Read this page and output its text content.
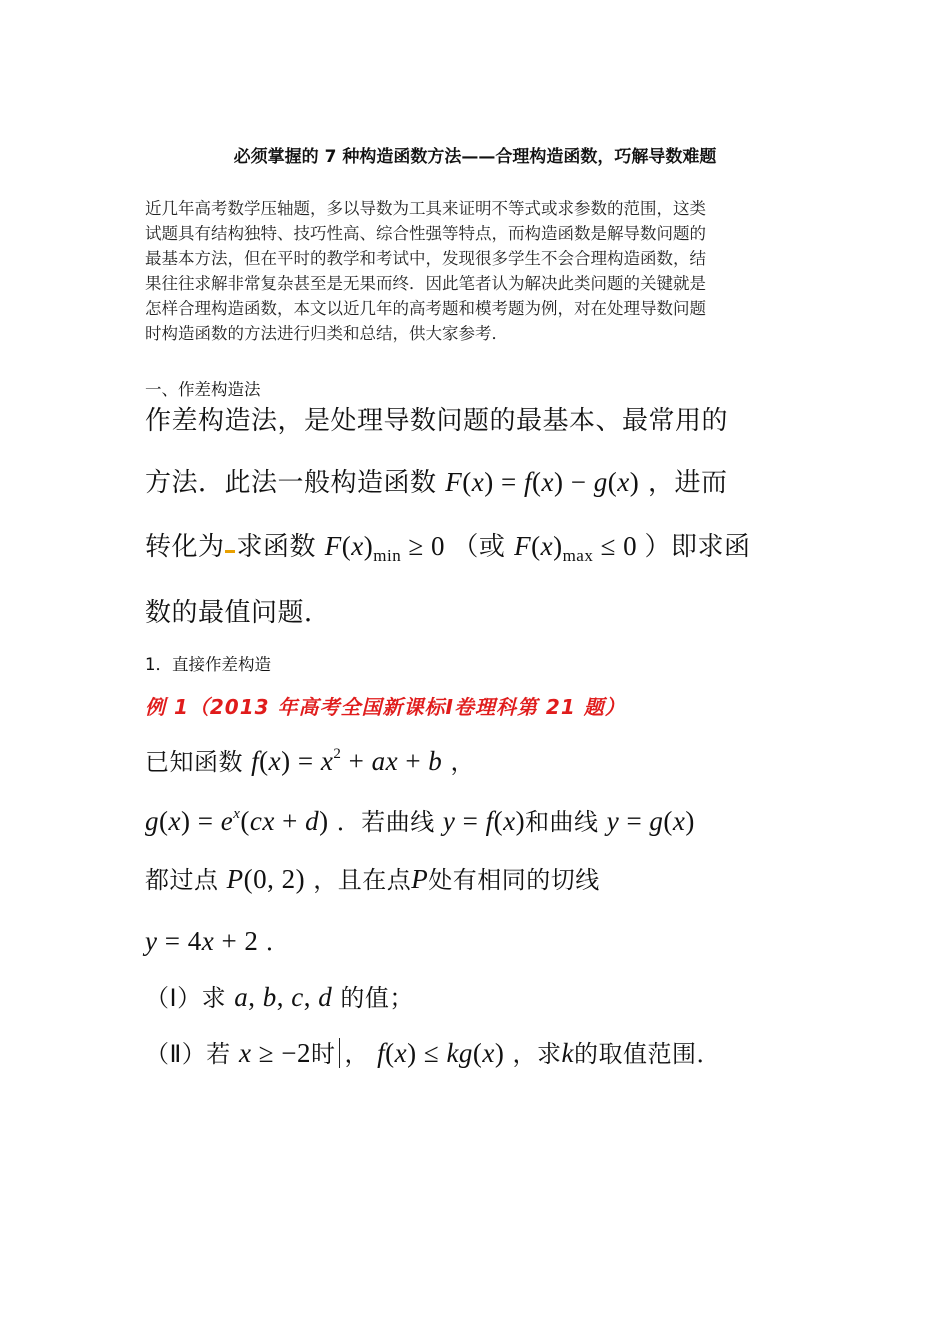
必须掌握的 7 种构造函数方法——合理构造函数，巧解导数难题
近几年高考数学压轴题，多以导数为工具来证明不等式或求参数的范围，这类
试题具有结构独特、技巧性高、综合性强等特点，而构造函数是解导数问题的
最基本方法，但在平时的教学和考试中，发现很多学生不会合理构造函数，结
果往往求解非常复杂甚至是无果而终．因此笔者认为解决此类问题的关键就是
怎样合理构造函数，本文以近几年的高考题和模考题为例，对在处理导数问题
时构造函数的方法进行归类和总结，供大家参考．
一、作差构造法
作差构造法，是处理导数问题的最基本、最常用的
方法．此法一般构造函数 F(x) = f(x) − g(x) ，进而
转化为 求函数 $F(x)_{min} \ge 0$ （或 $F(x)_{max} \le 0$ ）即求函
数的最值问题．
1．直接作差构造
例 1（2013 年高考全国新课标Ⅰ卷理科第 21 题）
已知函数 $f(x) = x^2$ + ax + b ，
$g(x) = e^x(cx + d)$ ．若曲线 y = f(x)和曲线 y = g(x)
都过点 P(0, 2) ，且在点P处有相同的切线
y = 4x + 2 ．
（Ⅰ）求 a, b, c, d 的值；
（Ⅱ）若 x ≥ −2时 ， f(x) ≤ kg(x) ，求k的取值范围．
